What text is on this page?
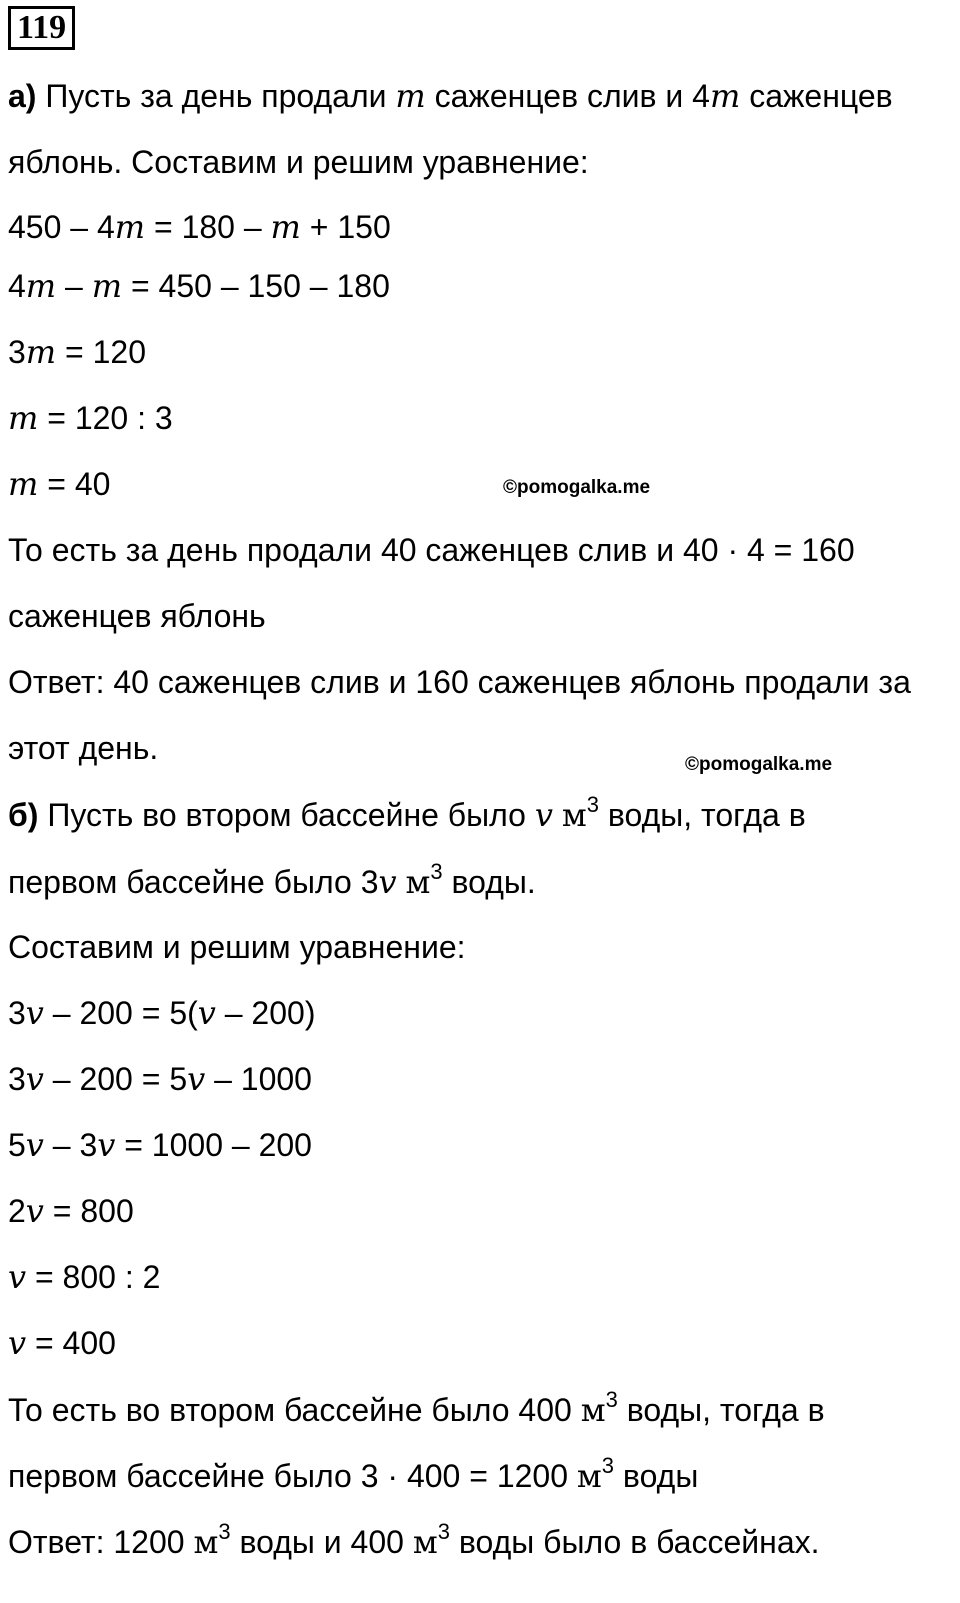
119
а) Пусть за день продали m саженцев слив и 4m саженцев
яблонь. Составим и решим уравнение:
450 – 4m = 180 – m + 150
4m – m = 450 – 150 – 180
3m = 120
m = 120 : 3
m = 40	©pomogalka.me
То есть за день продали 40 саженцев слив и 40 · 4 = 160
саженцев яблонь
Ответ: 40 саженцев слив и 160 саженцев яблонь продали за
этот день.	©pomogalka.me
б) Пусть во втором бассейне было v $м^3$ воды, тогда в
первом бассейне было 3v $м^3$ воды.
Составим и решим уравнение:
3v – 200 = 5(v – 200)
3v – 200 = 5v – 1000
5v – 3v = 1000 – 200
2v = 800
v = 800 : 2
v = 400
То есть во втором бассейне было 400 $м^3$ воды, тогда в
первом бассейне было 3 · 400 = 1200 $м^3$ воды
Ответ: 1200 $м^3$ воды и 400 $м^3$ воды было в бассейнах.
